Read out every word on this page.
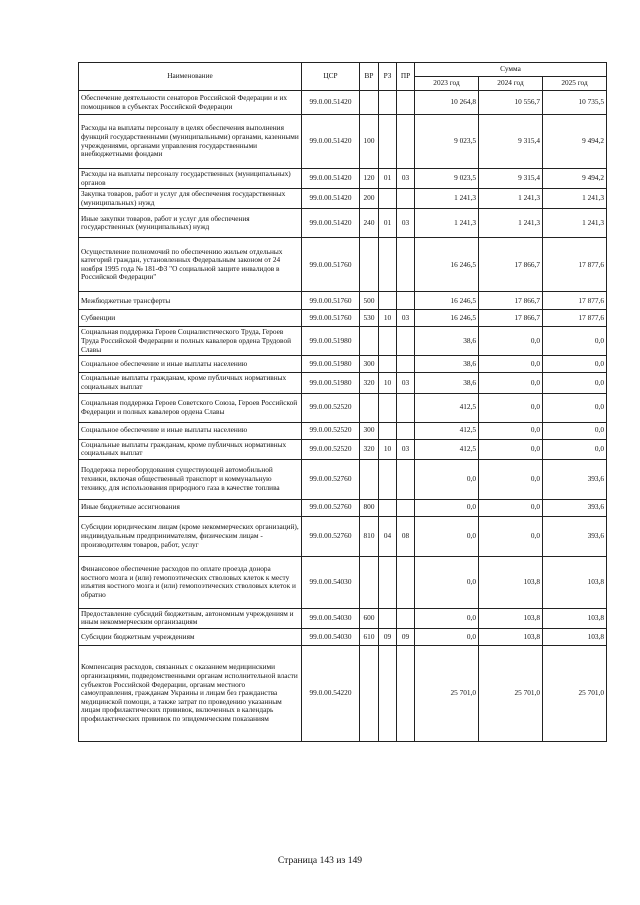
Наименование	ЦСР	ВР	РЗ	ПР	Сумма		
					2023 год	2024 год	2025 год
Обеспечение деятельности сенаторов Российской Федерации и их помощников в субъектах Российской Федерации	99.0.00.51420				10 264,8	10 556,7	10 735,5
Расходы на выплаты персоналу в целях обеспечения выполнения функций государственными (муниципальными) органами, казенными учреждениями, органами управления государственными внебюджетными фондами	99.0.00.51420	100			9 023,5	9 315,4	9 494,2
Расходы на выплаты персоналу государственных (муниципальных) органов	99.0.00.51420	120	01	03	9 023,5	9 315,4	9 494,2
Закупка товаров, работ и услуг для обеспечения государственных (муниципальных) нужд	99.0.00.51420	200			1 241,3	1 241,3	1 241,3
Иные закупки товаров, работ и услуг для обеспечения государственных (муниципальных) нужд	99.0.00.51420	240	01	03	1 241,3	1 241,3	1 241,3
Осуществление полномочий по обеспечению жильем отдельных категорий граждан, установленных Федеральным законом от 24 ноября 1995 года № 181-ФЗ "О социальной защите инвалидов в Российской Федерации"	99.0.00.51760				16 246,5	17 866,7	17 877,6
Межбюджетные трансферты	99.0.00.51760	500			16 246,5	17 866,7	17 877,6
Субвенции	99.0.00.51760	530	10	03	16 246,5	17 866,7	17 877,6
Социальная поддержка Героев Социалистического Труда, Героев Труда Российской Федерации и полных кавалеров ордена Трудовой Славы	99.0.00.51980				38,6	0,0	0,0
Социальное обеспечение и иные выплаты населению	99.0.00.51980	300			38,6	0,0	0,0
Социальные выплаты гражданам, кроме публичных нормативных социальных выплат	99.0.00.51980	320	10	03	38,6	0,0	0,0
Социальная поддержка Героев Советского Союза, Героев Российской Федерации и полных кавалеров ордена Славы	99.0.00.52520				412,5	0,0	0,0
Социальное обеспечение и иные выплаты населению	99.0.00.52520	300			412,5	0,0	0,0
Социальные выплаты гражданам, кроме публичных нормативных социальных выплат	99.0.00.52520	320	10	03	412,5	0,0	0,0
Поддержка переоборудования существующей автомобильной техники, включая общественный транспорт и коммунальную технику, для использования природного газа в качестве топлива	99.0.00.52760				0,0	0,0	393,6
Иные бюджетные ассигнования	99.0.00.52760	800			0,0	0,0	393,6
Субсидии юридическим лицам (кроме некоммерческих организаций), индивидуальным предпринимателям, физическим лицам - производителям товаров, работ, услуг	99.0.00.52760	810	04	08	0,0	0,0	393,6
Финансовое обеспечение расходов по оплате проезда донора костного мозга и (или) гемопоэтических стволовых клеток к месту изъятия костного мозга и (или) гемопоэтических стволовых клеток и обратно	99.0.00.54030				0,0	103,8	103,8
Предоставление субсидий бюджетным, автономным учреждениям и иным некоммерческим организациям	99.0.00.54030	600			0,0	103,8	103,8
Субсидии бюджетным учреждениям	99.0.00.54030	610	09	09	0,0	103,8	103,8
Компенсация расходов, связанных с оказанием медицинскими организациями, подведомственными органам исполнительной власти субъектов Российской Федерации, органам местного самоуправления, гражданам Украины и лицам без гражданства медицинской помощи, а также затрат по проведению указанным лицам профилактических прививок, включенных в календарь профилактических прививок по эпидемическим показаниям	99.0.00.54220				25 701,0	25 701,0	25 701,0
Страница 143 из 149
